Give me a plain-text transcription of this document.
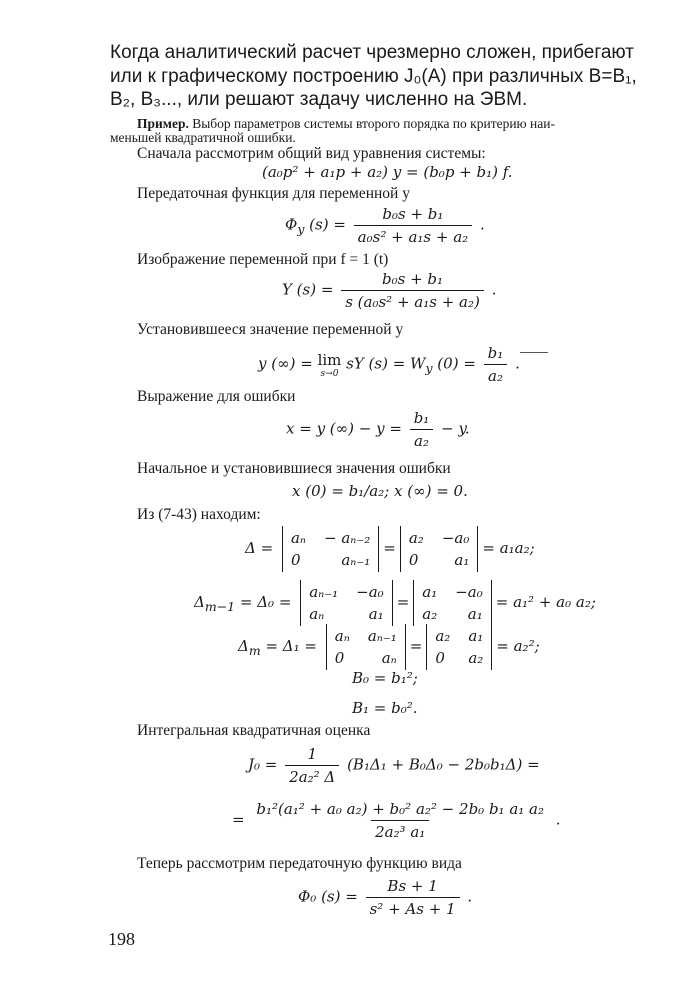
Когда аналитический расчет чрезмерно сложен, прибегают
или к графическому построению J₀(A) при различных B=B₁,
B₂, B₃..., или решают задачу численно на ЭВМ.
Пример. Выбор параметров системы второго порядка по критерию наи-
меньшей квадратичной ошибки.
Сначала рассмотрим общий вид уравнения системы:
(a₀p² + a₁p + a₂) y = (b₀p + b₁) f.
Передаточная функция для переменной y
$\Phi_y$ $(s) = \frac{\text{b₀s + b₁}}{\text{a₀s² + a₁s + a₂}}$ .
Изображение переменной при f = 1 (t)
Y $(s) = \frac{\text{b₀s + b₁}}{\text{s (a₀s² + a₁s + a₂)}}$ .
Установившееся значение переменной y
y (∞) = lim
s→0
sY $(s) = W_y$ $(0) = \frac{\text{b₁}}{\text{a₂}}$ .
Выражение для ошибки
x = y (∞) − $y = \frac{\text{b₁}}{\text{a₂}} - y$.
Начальное и установившиеся значения ошибки
x (0) = b₁/a₂; x (∞) = 0.
Из (7-43) находим:
Δ =
aₙ − aₙ₋₂
0	aₙ₋₁
=
a₂ −a₀
0 a₁
= a₁a₂;
$\Delta_{m-1} = \Delta_0$ =
aₙ₋₁ −a₀
aₙ	a₁
=
a₁ −a₀
a₂ a₁
= a₁² + a₀ a₂;
$\Delta_m = \Delta_1$ =
aₙ aₙ₋₁
0 aₙ
=
a₂ a₁
0 a₂
= a₂²;
B₀ = b₁²;
B₁ = b₀².
Интегральная квадратичная оценка
$J_0 = \frac{1}{\text{2a₂² Δ}} (B_1\Delta_1 + B_0\Delta_0 - 2b_0b_1\Delta)$ =
= $\frac{\text{b₁²(a₁² + a₀ a₂) + b₀² a₂² − 2b₀ b₁ a₁ a₂}}{\text{2a₂³ a₁}}$ .
Теперь рассмотрим передаточную функцию вида
Φ₀ $(s) = \frac{Bs + 1}{\text{s² + As + 1}}$ .
198
